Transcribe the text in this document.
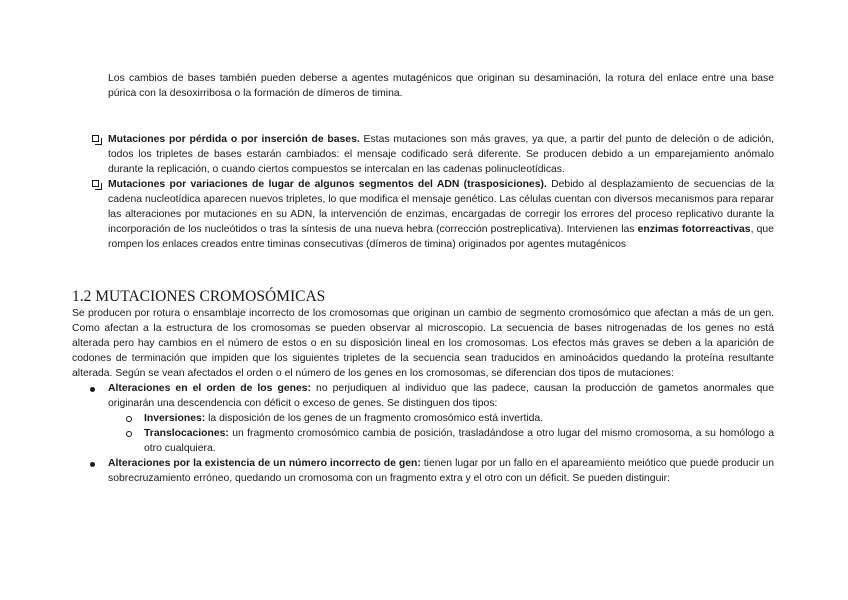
Los cambios de bases también pueden deberse a agentes mutagénicos que originan su desaminación, la rotura del enlace entre una base púrica con la desoxirribosa o la formación de dímeros de timina.

Mutaciones por pérdida o por inserción de bases. Estas mutaciones son más graves, ya que, a partir del punto de deleción o de adición, todos los tripletes de bases estarán cambiados: el mensaje codificado será diferente. Se producen debido a un emparejamiento anómalo durante la replicación, o cuando ciertos compuestos se intercalan en las cadenas polinucleotídicas.
Mutaciones por variaciones de lugar de algunos segmentos del ADN (trasposiciones). Debido al desplazamiento de secuencias de la cadena nucleotídica aparecen nuevos tripletes, lo que modifica el mensaje genético. Las células cuentan con diversos mecanismos para reparar las alteraciones por mutaciones en su ADN, la intervención de enzimas, encargadas de corregir los errores del proceso replicativo durante la incorporación de los nucleótidos o tras la síntesis de una nueva hebra (corrección postreplicativa). Intervienen las enzimas fotorreactivas, que rompen los enlaces creados entre timinas consecutivas (dímeros de timina) originados por agentes mutagénicos
1.2 MUTACIONES CROMOSÓMICAS

Se producen por rotura o ensamblaje incorrecto de los cromosomas que originan un cambio de segmento cromosómico que afectan a más de un gen. Como afectan a la estructura de los cromosomas se pueden observar al microscopio. La secuencia de bases nitrogenadas de los genes no está alterada pero hay cambios en el número de estos o en su disposición lineal en los cromosomas. Los efectos más graves se deben a la aparición de codones de terminación que impiden que los siguientes tripletes de la secuencia sean traducidos en aminoácidos quedando la proteína resultante alterada. Según se vean afectados el orden o el número de los genes en los cromosomas, se diferencian dos tipos de mutaciones:

Alteraciones en el orden de los genes: no perjudiquen al individuo que las padece, causan la producción de gametos anormales que originarán una descendencia con déficit o exceso de genes. Se distinguen dos tipos:
Inversiones: la disposición de los genes de un fragmento cromosómico está invertida.
Translocaciones: un fragmento cromosómico cambia de posición, trasladándose a otro lugar del mismo cromosoma, a su homólogo a otro cualquiera.
Alteraciones por la existencia de un número incorrecto de gen: tienen lugar por un fallo en el apareamiento meiótico que puede producir un sobrecruzamiento erróneo, quedando un cromosoma con un fragmento extra y el otro con un déficit. Se pueden distinguir:
